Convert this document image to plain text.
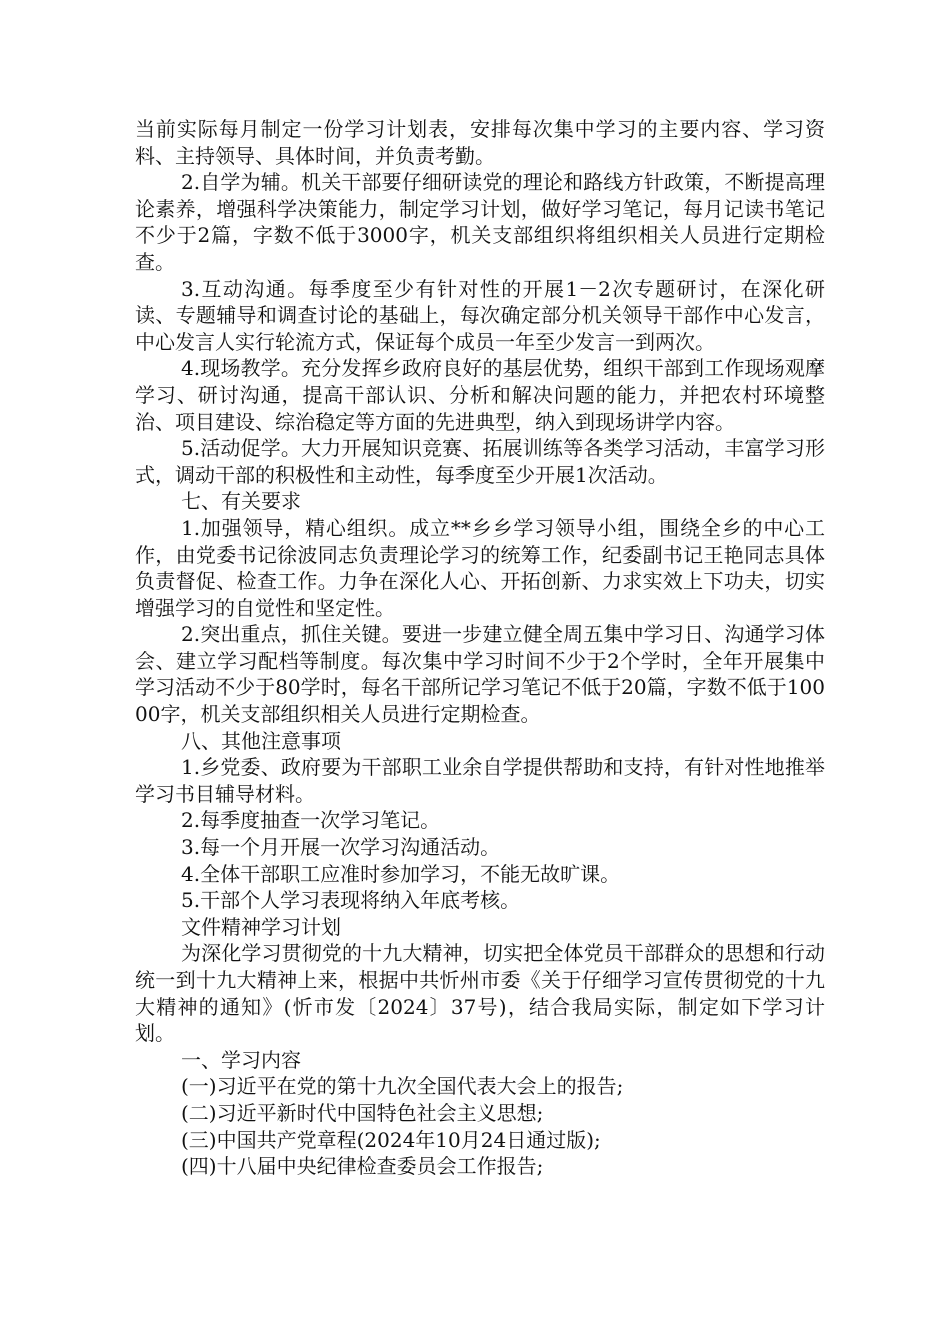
当前实际每月制定一份学习计划表，安排每次集中学习的主要内容、学习资料、主持领导、具体时间，并负责考勤。

2.自学为辅。机关干部要仔细研读党的理论和路线方针政策，不断提高理论素养，增强科学决策能力，制定学习计划，做好学习笔记，每月记读书笔记不少于2篇，字数不低于3000字，机关支部组织将组织相关人员进行定期检查。

3.互动沟通。每季度至少有针对性的开展1－2次专题研讨，在深化研读、专题辅导和调查讨论的基础上，每次确定部分机关领导干部作中心发言，中心发言人实行轮流方式，保证每个成员一年至少发言一到两次。

4.现场教学。充分发挥乡政府良好的基层优势，组织干部到工作现场观摩学习、研讨沟通，提高干部认识、分析和解决问题的能力，并把农村环境整治、项目建设、综治稳定等方面的先进典型，纳入到现场讲学内容。

5.活动促学。大力开展知识竞赛、拓展训练等各类学习活动，丰富学习形式，调动干部的积极性和主动性，每季度至少开展1次活动。

七、有关要求

1.加强领导，精心组织。成立**乡乡学习领导小组，围绕全乡的中心工作，由党委书记徐波同志负责理论学习的统筹工作，纪委副书记王艳同志具体负责督促、检查工作。力争在深化人心、开拓创新、力求实效上下功夫，切实增强学习的自觉性和坚定性。

2.突出重点，抓住关键。要进一步建立健全周五集中学习日、沟通学习体会、建立学习配档等制度。每次集中学习时间不少于2个学时，全年开展集中学习活动不少于80学时，每名干部所记学习笔记不低于20篇，字数不低于10000字，机关支部组织相关人员进行定期检查。

八、其他注意事项

1.乡党委、政府要为干部职工业余自学提供帮助和支持，有针对性地推举学习书目辅导材料。

2.每季度抽查一次学习笔记。

3.每一个月开展一次学习沟通活动。

4.全体干部职工应准时参加学习，不能无故旷课。

5.干部个人学习表现将纳入年底考核。

文件精神学习计划

为深化学习贯彻党的十九大精神，切实把全体党员干部群众的思想和行动统一到十九大精神上来，根据中共忻州市委《关于仔细学习宣传贯彻党的十九大精神的通知》(忻市发〔2024〕37号)，结合我局实际，制定如下学习计划。

一、学习内容

(一)习近平在党的第十九次全国代表大会上的报告;

(二)习近平新时代中国特色社会主义思想;

(三)中国共产党章程(2024年10月24日通过版);

(四)十八届中央纪律检查委员会工作报告;
